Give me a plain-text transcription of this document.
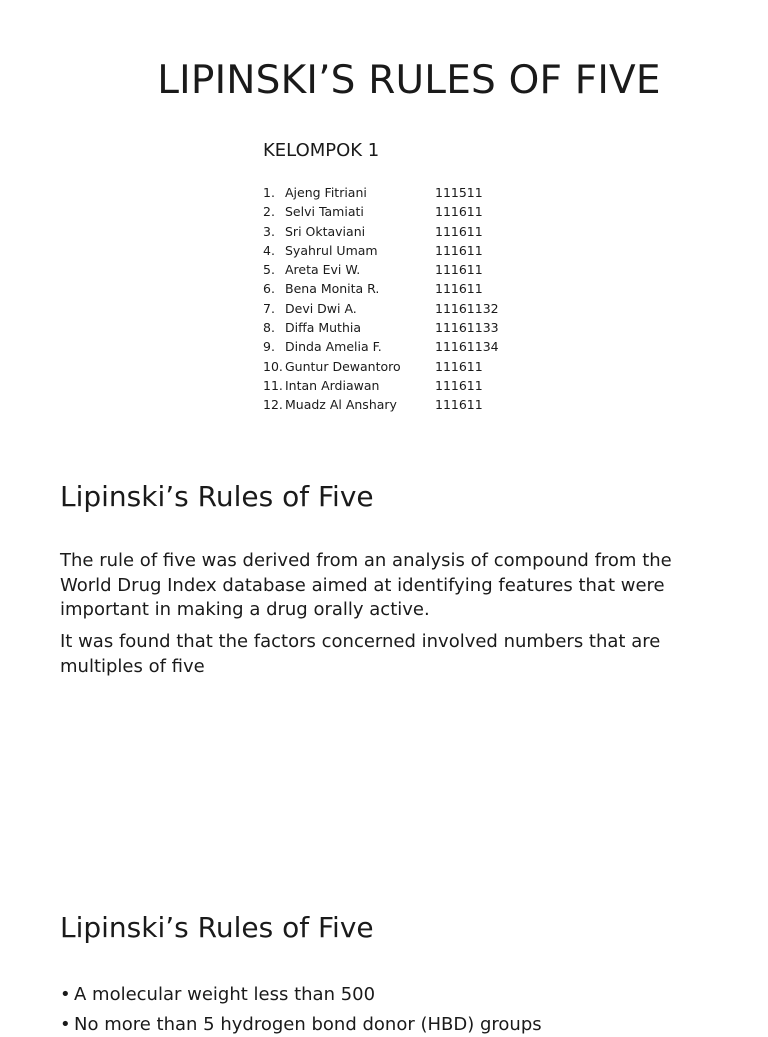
LIPINSKI’S RULES OF FIVE

KELOMPOK 1

1. Ajeng Fitriani	111511
2. Selvi Tamiati	111611
3. Sri Oktaviani	111611
4. Syahrul Umam	111611
5. Areta Evi W.	111611
6. Bena Monita R.	111611
7. Devi Dwi A.	11161132
8. Diffa Muthia	11161133
9. Dinda Amelia F.	11161134
10. Guntur Dewantoro	111611
11. Intan Ardiawan	111611
12. Muadz Al Anshary	111611
Lipinski’s Rules of Five

The rule of five was derived from an analysis of compound from the World Drug Index database aimed at identifying features that were important in making a drug orally active.

It was found that the factors concerned involved numbers that are multiples of five

Lipinski’s Rules of Five
• A molecular weight less than 500
• No more than 5 hydrogen bond donor (HBD) groups
